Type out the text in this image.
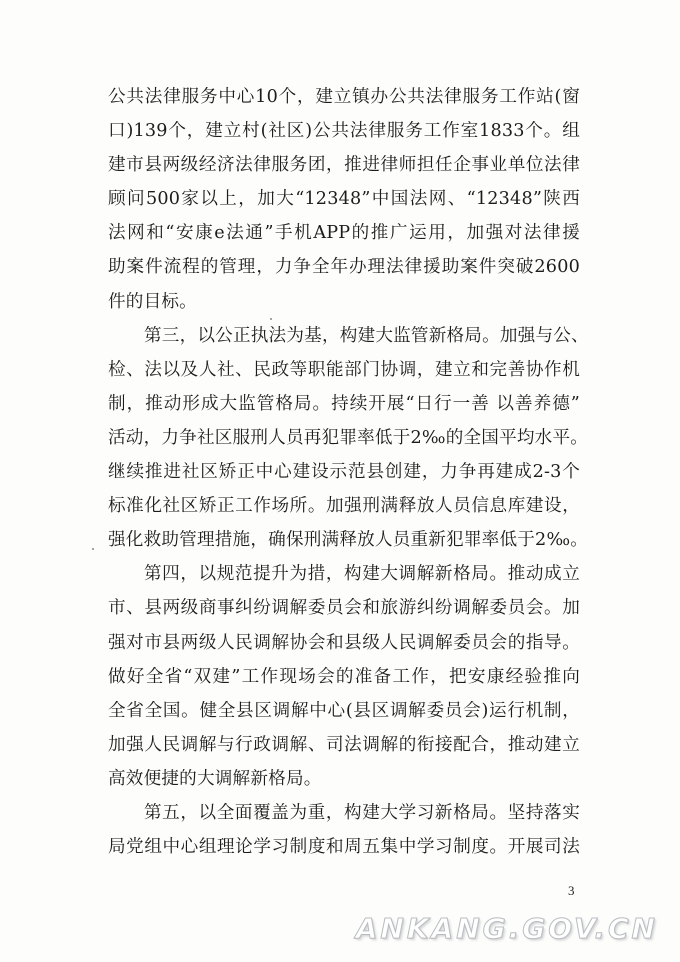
公共法律服务中心10个，建立镇办公共法律服务工作站(窗
口)139个，建立村(社区)公共法律服务工作室1833个。组
建市县两级经济法律服务团，推进律师担任企事业单位法律
顾问500家以上，加大“12348”中国法网、“12348”陕西
法网和“安康e法通”手机APP的推广运用，加强对法律援
助案件流程的管理，力争全年办理法律援助案件突破2600
件的目标。
第三，以公正执法为基，构建大监管新格局。加强与公、
检、法以及人社、民政等职能部门协调，建立和完善协作机
制，推动形成大监管格局。持续开展“日行一善 以善养德”
活动，力争社区服刑人员再犯罪率低于2‰的全国平均水平。
继续推进社区矫正中心建设示范县创建，力争再建成2-3个
标准化社区矫正工作场所。加强刑满释放人员信息库建设，
强化救助管理措施，确保刑满释放人员重新犯罪率低于2‰。
第四，以规范提升为措，构建大调解新格局。推动成立
市、县两级商事纠纷调解委员会和旅游纠纷调解委员会。加
强对市县两级人民调解协会和县级人民调解委员会的指导。
做好全省“双建”工作现场会的准备工作，把安康经验推向
全省全国。健全县区调解中心(县区调解委员会)运行机制，
加强人民调解与行政调解、司法调解的衔接配合，推动建立
高效便捷的大调解新格局。
第五，以全面覆盖为重，构建大学习新格局。坚持落实
局党组中心组理论学习制度和周五集中学习制度。开展司法
3
ANKANG.GOV.CN
